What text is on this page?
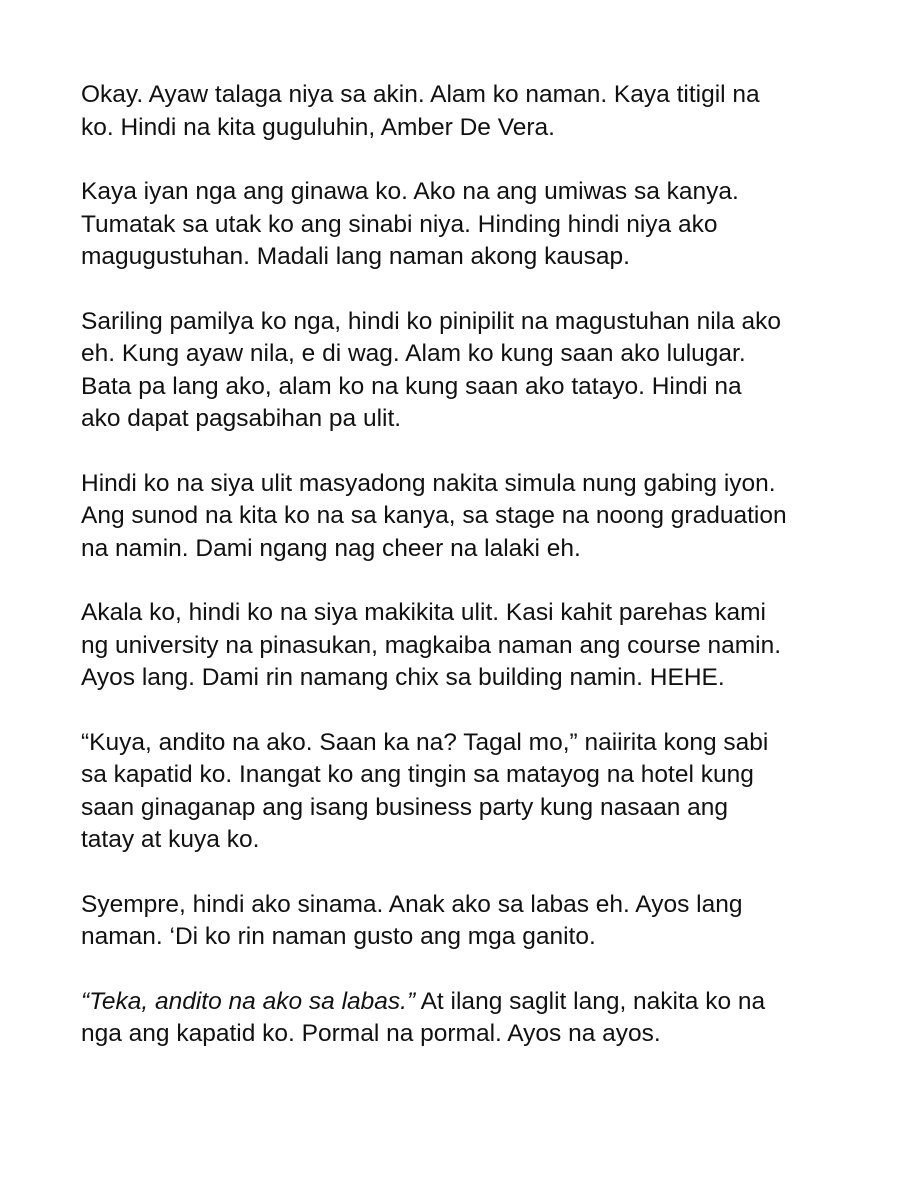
Okay. Ayaw talaga niya sa akin. Alam ko naman. Kaya titigil na
ko. Hindi na kita guguluhin, Amber De Vera.

Kaya iyan nga ang ginawa ko. Ako na ang umiwas sa kanya.
Tumatak sa utak ko ang sinabi niya. Hinding hindi niya ako
magugustuhan. Madali lang naman akong kausap.

Sariling pamilya ko nga, hindi ko pinipilit na magustuhan nila ako
eh. Kung ayaw nila, e di wag. Alam ko kung saan ako lulugar.
Bata pa lang ako, alam ko na kung saan ako tatayo. Hindi na
ako dapat pagsabihan pa ulit.

Hindi ko na siya ulit masyadong nakita simula nung gabing iyon.
Ang sunod na kita ko na sa kanya, sa stage na noong graduation
na namin. Dami ngang nag cheer na lalaki eh.

Akala ko, hindi ko na siya makikita ulit. Kasi kahit parehas kami
ng university na pinasukan, magkaiba naman ang course namin.
Ayos lang. Dami rin namang chix sa building namin. HEHE.

“Kuya, andito na ako. Saan ka na? Tagal mo,” naiirita kong sabi
sa kapatid ko. Inangat ko ang tingin sa matayog na hotel kung
saan ginaganap ang isang business party kung nasaan ang
tatay at kuya ko.

Syempre, hindi ako sinama. Anak ako sa labas eh. Ayos lang
naman. ‘Di ko rin naman gusto ang mga ganito.

“Teka, andito na ako sa labas.” At ilang saglit lang, nakita ko na
nga ang kapatid ko. Pormal na pormal. Ayos na ayos.
